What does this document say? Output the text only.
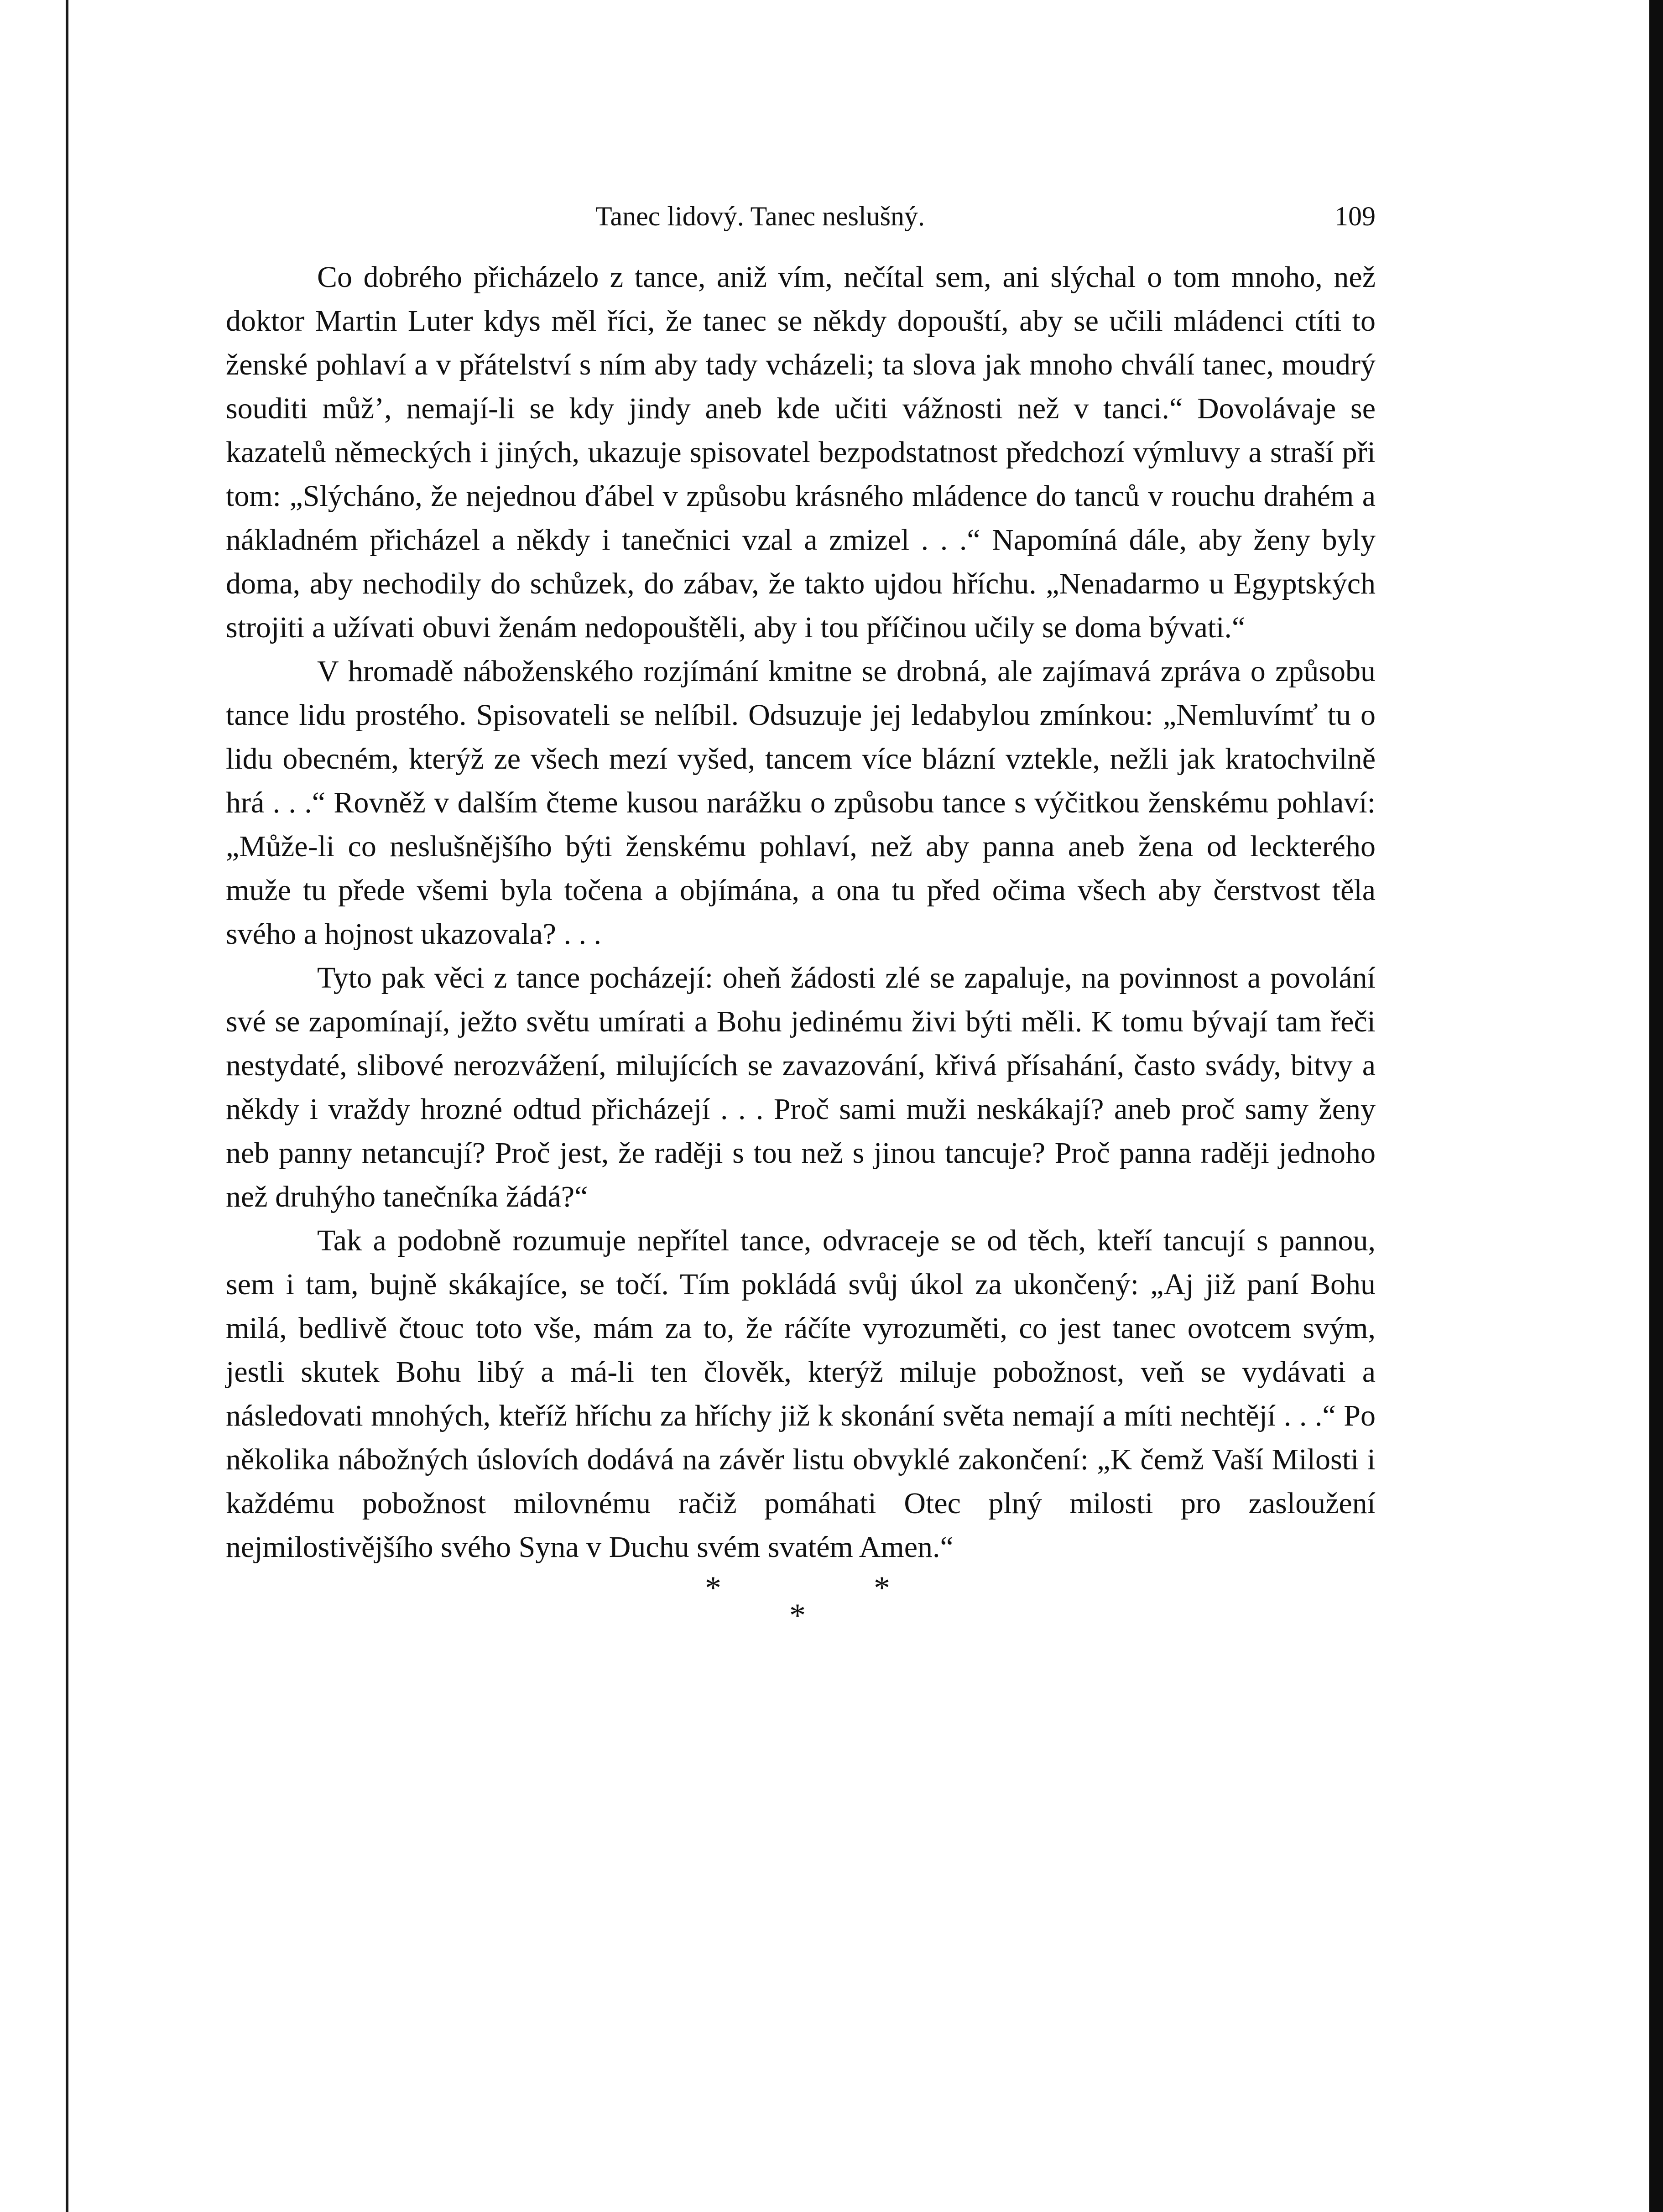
Tanec lidový. Tanec neslušný.	109

Co dobrého přicházelo z tance, aniž vím, nečítal sem, ani slýchal o tom mnoho, než doktor Martin Luter kdys měl říci, že tanec se někdy dopouští, aby se učili mládenci ctíti to ženské pohlaví a v přátelství s ním aby tady vcházeli; ta slova jak mnoho chválí tanec, moudrý souditi můž’, nemají-li se kdy jindy aneb kde učiti vážnosti než v tanci.“ Dovolávaje se kazatelů německých i jiných, ukazuje spisovatel bezpodstatnost předchozí výmluvy a straší při tom: „Slýcháno, že nejednou ďábel v způsobu krásného mládence do tanců v rouchu drahém a nákladném přicházel a někdy i tanečnici vzal a zmizel . . .“ Napomíná dále, aby ženy byly doma, aby nechodily do schůzek, do zábav, že takto ujdou hříchu. „Nenadarmo u Egyptských strojiti a užívati obuvi ženám nedopouštěli, aby i tou příčinou učily se doma bývati.“

V hromadě náboženského rozjímání kmitne se drobná, ale zajímavá zpráva o způsobu tance lidu prostého. Spisovateli se nelíbil. Odsuzuje jej ledabylou zmínkou: „Nemluvímť tu o lidu obecném, kterýž ze všech mezí vyšed, tancem více blázní vztekle, nežli jak kratochvilně hrá . . .“ Rovněž v dalším čteme kusou narážku o způsobu tance s výčitkou ženskému pohlaví: „Může-li co neslušnějšího býti ženskému pohlaví, než aby panna aneb žena od leckterého muže tu přede všemi byla točena a objímána, a ona tu před očima všech aby čerstvost těla svého a hojnost ukazovala? . . .

Tyto pak věci z tance pocházejí: oheň žádosti zlé se zapaluje, na povinnost a povolání své se zapomínají, ježto světu umírati a Bohu jedinému živi býti měli. K tomu bývají tam řeči nestydaté, slibové nerozvážení, milujících se zavazování, křivá přísahání, často svády, bitvy a někdy i vraždy hrozné odtud přicházejí . . . Proč sami muži neskákají? aneb proč samy ženy neb panny netancují? Proč jest, že raději s tou než s jinou tancuje? Proč panna raději jednoho než druhýho tanečníka žádá?“

Tak a podobně rozumuje nepřítel tance, odvraceje se od těch, kteří tancují s pannou, sem i tam, bujně skákajíce, se točí. Tím pokládá svůj úkol za ukončený: „Aj již paní Bohu milá, bedlivě čtouc toto vše, mám za to, že ráčíte vyrozuměti, co jest tanec ovotcem svým, jestli skutek Bohu libý a má-li ten člověk, kterýž miluje pobožnost, veň se vydávati a následovati mnohých, kteříž hříchu za hříchy již k skonání světa nemají a míti nechtějí . . .“ Po několika nábožných úslovích dodává na závěr listu obvyklé zakončení: „K čemž Vaší Milosti i každému pobožnost milovnému račiž pomáhati Otec plný milosti pro zasloužení nejmilostivějšího svého Syna v Duchu svém svatém Amen.“

*	*
*
